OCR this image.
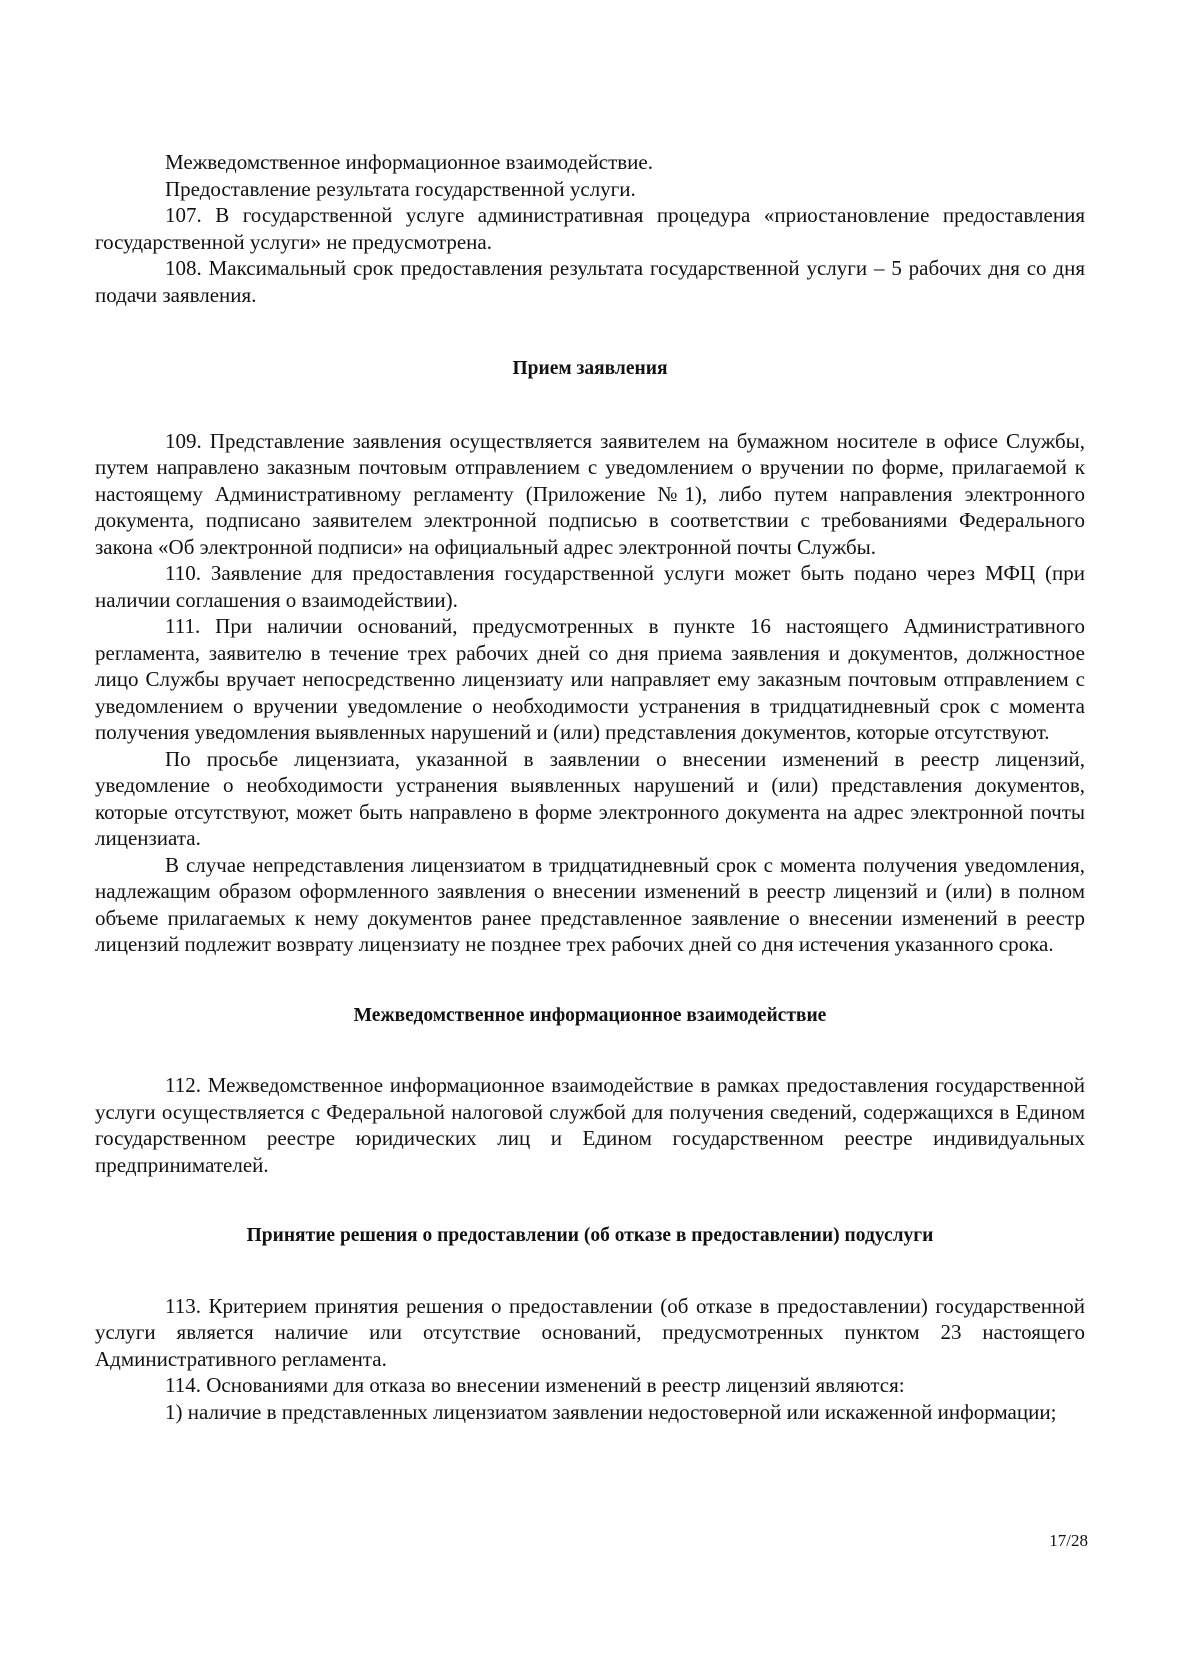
Межведомственное информационное взаимодействие.

Предоставление результата государственной услуги.

107. В государственной услуге административная процедура «приостановление предоставления государственной услуги» не предусмотрена.

108. Максимальный срок предоставления результата государственной услуги – 5 рабочих дня со дня подачи заявления.

Прием заявления

109. Представление заявления осуществляется заявителем на бумажном носителе в офисе Службы, путем направлено заказным почтовым отправлением с уведомлением о вручении по форме, прилагаемой к настоящему Административному регламенту (Приложение №1), либо путем направления электронного документа, подписано заявителем электронной подписью в соответствии с требованиями Федерального закона «Об электронной подписи» на официальный адрес электронной почты Службы.

110. Заявление для предоставления государственной услуги может быть подано через МФЦ (при наличии соглашения о взаимодействии).

111. При наличии оснований, предусмотренных в пункте 16 настоящего Административного регламента, заявителю в течение трех рабочих дней со дня приема заявления и документов, должностное лицо Службы вручает непосредственно лицензиату или направляет ему заказным почтовым отправлением с уведомлением о вручении уведомление о необходимости устранения в тридцатидневный срок с момента получения уведомления выявленных нарушений и (или) представления документов, которые отсутствуют.

По просьбе лицензиата, указанной в заявлении о внесении изменений в реестр лицензий, уведомление о необходимости устранения выявленных нарушений и (или) представления документов, которые отсутствуют, может быть направлено в форме электронного документа на адрес электронной почты лицензиата.

В случае непредставления лицензиатом в тридцатидневный срок с момента получения уведомления, надлежащим образом оформленного заявления о внесении изменений в реестр лицензий и (или) в полном объеме прилагаемых к нему документов ранее представленное заявление о внесении изменений в реестр лицензий подлежит возврату лицензиату не позднее трех рабочих дней со дня истечения указанного срока.

Межведомственное информационное взаимодействие

112. Межведомственное информационное взаимодействие в рамках предоставления государственной услуги осуществляется с Федеральной налоговой службой для получения сведений, содержащихся в Едином государственном реестре юридических лиц и Едином государственном реестре индивидуальных предпринимателей.

Принятие решения о предоставлении (об отказе в предоставлении) подуслуги

113. Критерием принятия решения о предоставлении (об отказе в предоставлении) государственной услуги является наличие или отсутствие оснований, предусмотренных пунктом 23 настоящего Административного регламента.

114. Основаниями для отказа во внесении изменений в реестр лицензий являются:

1) наличие в представленных лицензиатом заявлении недостоверной или искаженной информации;

17/28
